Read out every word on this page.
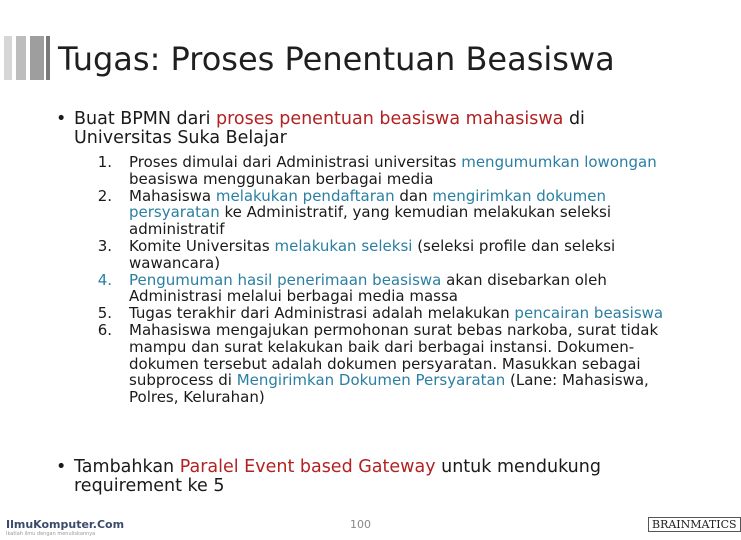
Tugas: Proses Penentuan Beasiswa
• Buat BPMN dari proses penentuan beasiswa mahasiswa di Universitas Suka Belajar
1. Proses dimulai dari Administrasi universitas mengumumkan lowongan beasiswa menggunakan berbagai media
2. Mahasiswa melakukan pendaftaran dan mengirimkan dokumen persyaratan ke Administratif, yang kemudian melakukan seleksi administratif
3. Komite Universitas melakukan seleksi (seleksi profile dan seleksi wawancara)
4. Pengumuman hasil penerimaan beasiswa akan disebarkan oleh Administrasi melalui berbagai media massa
5. Tugas terakhir dari Administrasi adalah melakukan pencairan beasiswa
6. Mahasiswa mengajukan permohonan surat bebas narkoba, surat tidak mampu dan surat kelakukan baik dari berbagai instansi. Dokumen-dokumen tersebut adalah dokumen persyaratan. Masukkan sebagai subprocess di Mengirimkan Dokumen Persyaratan (Lane: Mahasiswa, Polres, Kelurahan)
• Tambahkan Paralel Event based Gateway untuk mendukung requirement ke 5
IlmuKomputer.Com
Ikatlah ilmu dengan menuliskannya
100	BRAINMATICS
